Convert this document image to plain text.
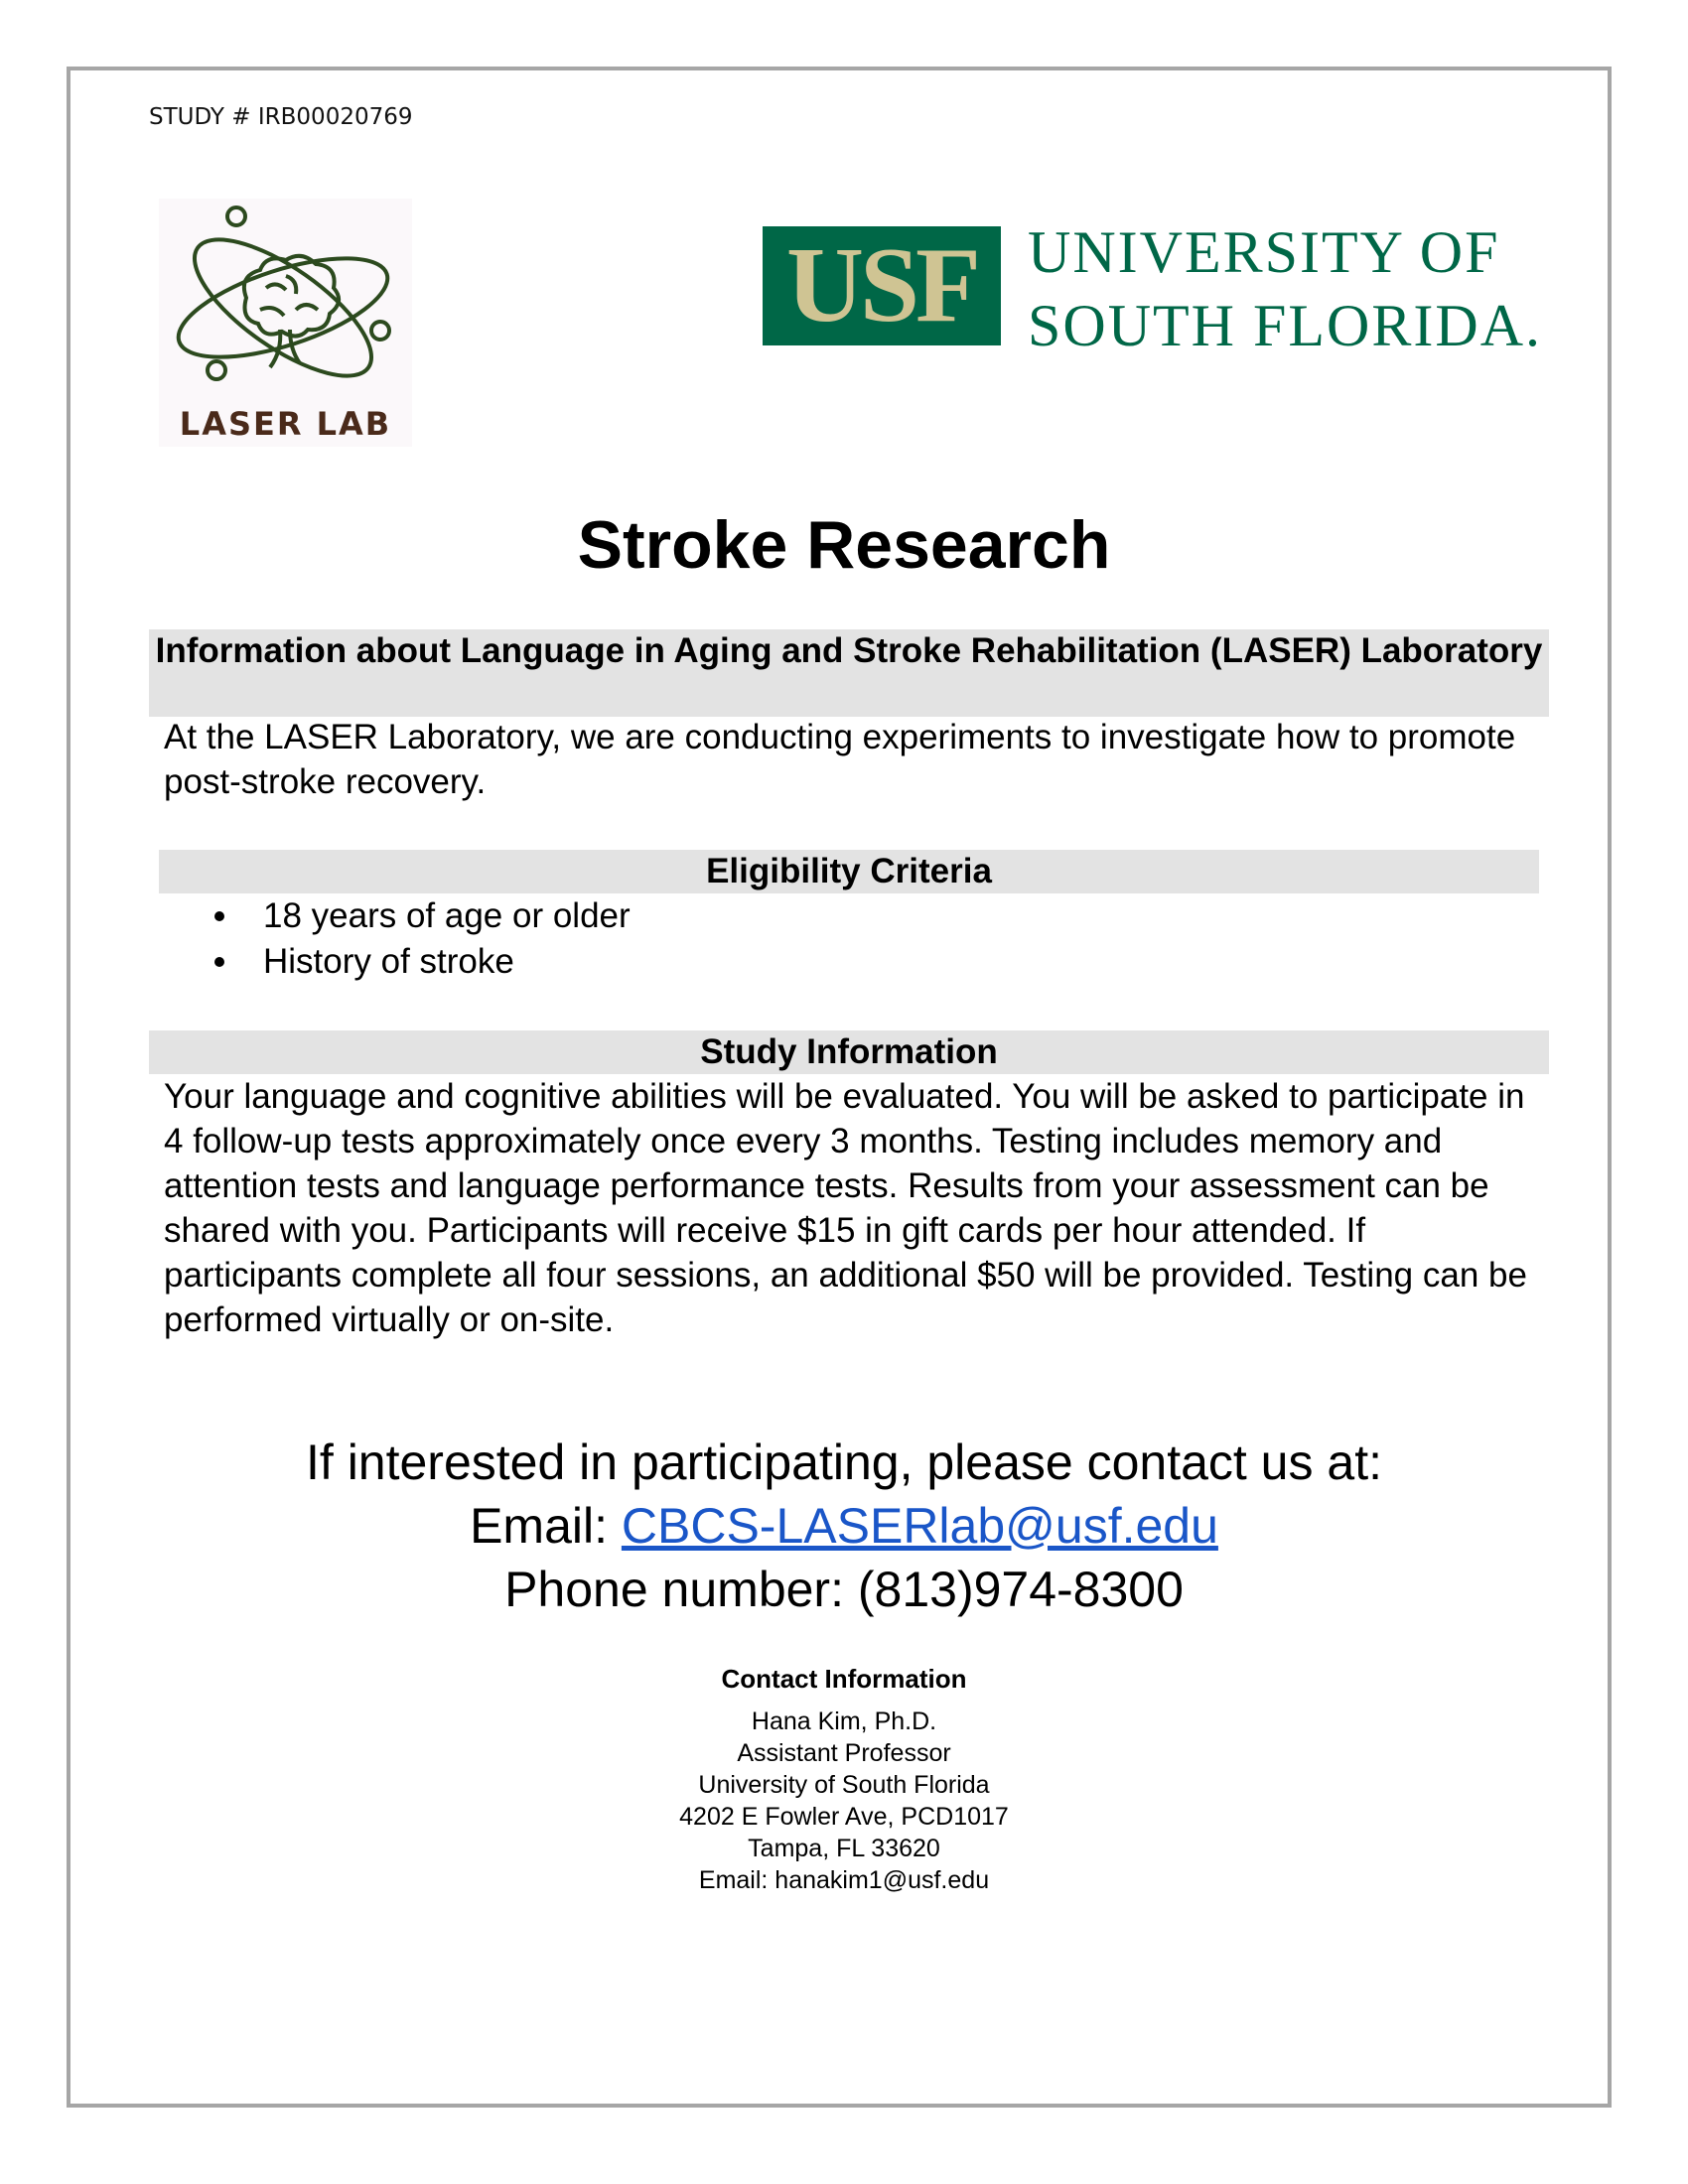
STUDY # IRB00020769
LASER LAB
USF UNIVERSITY OF
SOUTH FLORIDA.
Stroke Research
Information about Language in Aging and Stroke Rehabilitation (LASER) Laboratory
At the LASER Laboratory, we are conducting experiments to investigate how to promote post-stroke recovery.
Eligibility Criteria
18 years of age or older
History of stroke
Study Information
Your language and cognitive abilities will be evaluated. You will be asked to participate in 4 follow-up tests approximately once every 3 months. Testing includes memory and attention tests and language performance tests. Results from your assessment can be shared with you. Participants will receive $15 in gift cards per hour attended. If participants complete all four sessions, an additional $50 will be provided. Testing can be performed virtually or on-site.
If interested in participating, please contact us at:
Email: CBCS-LASERlab@usf.edu
Phone number: (813)974-8300
Contact Information
Hana Kim, Ph.D.
Assistant Professor
University of South Florida
4202 E Fowler Ave, PCD1017
Tampa, FL 33620
Email: hanakim1@usf.edu
